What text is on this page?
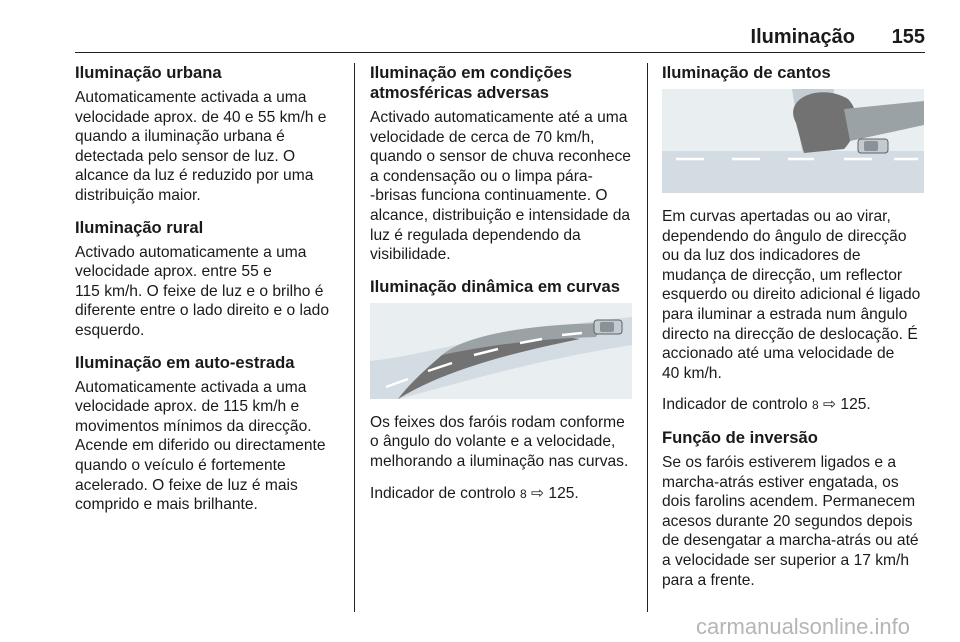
Iluminação 155
Iluminação urbana

Automaticamente activada a uma
velocidade aprox. de 40 e 55 km/h e
quando a iluminação urbana é
detectada pelo sensor de luz. O
alcance da luz é reduzido por uma
distribuição maior.

Iluminação rural

Activado automaticamente a uma
velocidade aprox. entre 55 e
115 km/h. O feixe de luz e o brilho é
diferente entre o lado direito e o lado
esquerdo.

Iluminação em auto-estrada

Automaticamente activada a uma
velocidade aprox. de 115 km/h e
movimentos mínimos da direcção.
Acende em diferido ou directamente
quando o veículo é fortemente
acelerado. O feixe de luz é mais
comprido e mais brilhante.

Iluminação em condições
atmosféricas adversas

Activado automaticamente até a uma
velocidade de cerca de 70 km/h,
quando o sensor de chuva reconhece
a condensação ou o limpa pára-
-brisas funciona continuamente. O
alcance, distribuição e intensidade da
luz é regulada dependendo da
visibilidade.

Iluminação dinâmica em curvas

Os feixes dos faróis rodam conforme
o ângulo do volante e a velocidade,
melhorando a iluminação nas curvas.

Indicador de controlo 8 ⇨ 125.

Iluminação de cantos

Em curvas apertadas ou ao virar,
dependendo do ângulo de direcção
ou da luz dos indicadores de
mudança de direcção, um reflector
esquerdo ou direito adicional é ligado
para iluminar a estrada num ângulo
directo na direcção de deslocação. É
accionado até uma velocidade de
40 km/h.

Indicador de controlo 8 ⇨ 125.

Função de inversão

Se os faróis estiverem ligados e a
marcha-atrás estiver engatada, os
dois farolins acendem. Permanecem
acesos durante 20 segundos depois
de desengatar a marcha-atrás ou até
a velocidade ser superior a 17 km/h
para a frente.

carmanualsonline.info
